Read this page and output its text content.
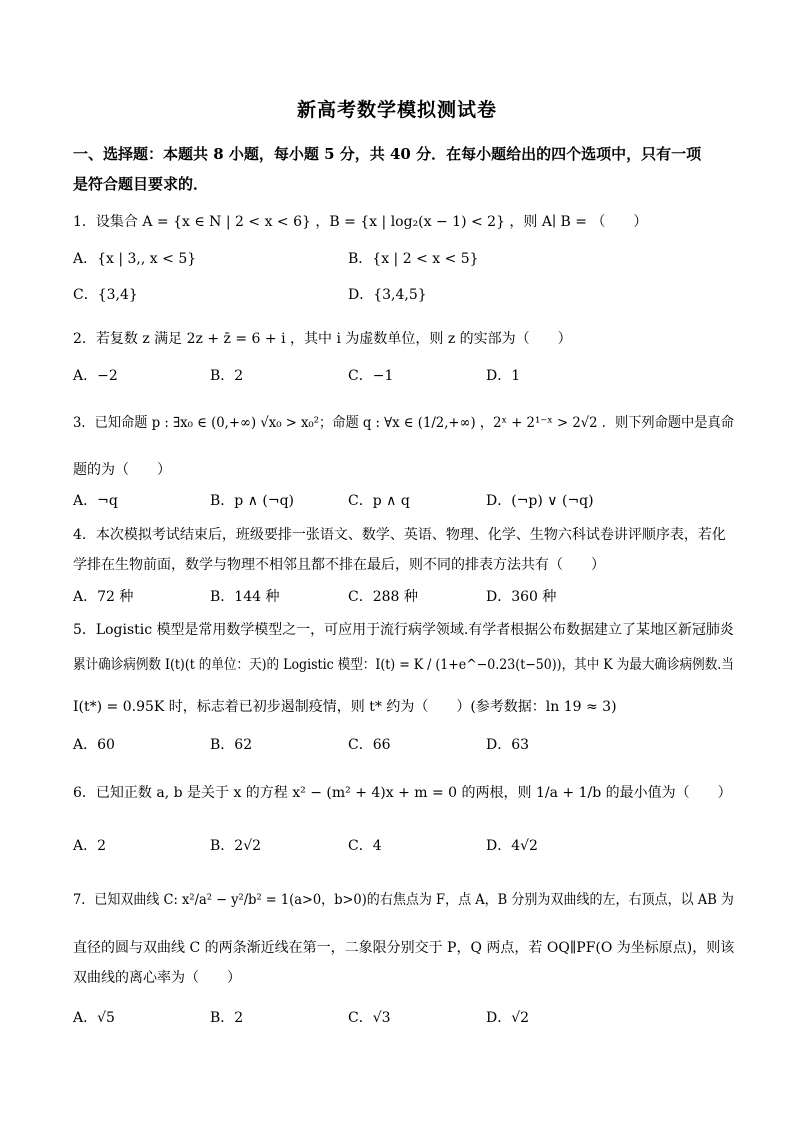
新高考数学模拟测试卷
一、选择题：本题共 8 小题，每小题 5 分，共 40 分．在每小题给出的四个选项中，只有一项
是符合题目要求的．
1．设集合 A = {x ∈ N | 2 < x < 6} ，B = {x | log₂(x − 1) < 2} ，则 A∣ B = （　　）
A．{x | 3,, x < 5}	B．{x | 2 < x < 5}
C．{3,4}	D．{3,4,5}
2．若复数 z 满足 2z + z̄ = 6 + i ，其中 i 为虚数单位，则 z 的实部为（　　）
A．−2	B．2	C．−1	D．1
3．已知命题 p : ∃x₀ ∈ (0,+∞) √x₀ > x₀²；命题 q : ∀x ∈ (1/2,+∞) ，2ˣ + 2¹⁻ˣ > 2√2 ．则下列命题中是真命
题的为（　　）
A．¬q	B．p ∧ (¬q)	C．p ∧ q	D．(¬p) ∨ (¬q)
4．本次模拟考试结束后，班级要排一张语文、数学、英语、物理、化学、生物六科试卷讲评顺序表，若化
学排在生物前面，数学与物理不相邻且都不排在最后，则不同的排表方法共有（　　）
A．72 种	B．144 种	C．288 种	D．360 种
5．Logistic 模型是常用数学模型之一，可应用于流行病学领域.有学者根据公布数据建立了某地区新冠肺炎
累计确诊病例数 I(t)(t 的单位：天)的 Logistic 模型：I(t) = K / (1+e^−0.23(t−50))，其中 K 为最大确诊病例数.当
I(t*) = 0.95K 时，标志着已初步遏制疫情，则 t* 约为（　　）(参考数据：ln 19 ≈ 3)
A．60	B．62	C．66	D．63
6．已知正数 a, b 是关于 x 的方程 x² − (m² + 4)x + m = 0 的两根，则 1/a + 1/b 的最小值为（　　）
A．2	B．2√2	C．4	D．4√2
7．已知双曲线 C: x²/a² − y²/b² = 1(a>0，b>0)的右焦点为 F，点 A，B 分别为双曲线的左，右顶点，以 AB 为
直径的圆与双曲线 C 的两条渐近线在第一，二象限分别交于 P，Q 两点，若 OQ∥PF(O 为坐标原点)，则该
双曲线的离心率为（　　）
A．√5	B．2	C．√3	D．√2
